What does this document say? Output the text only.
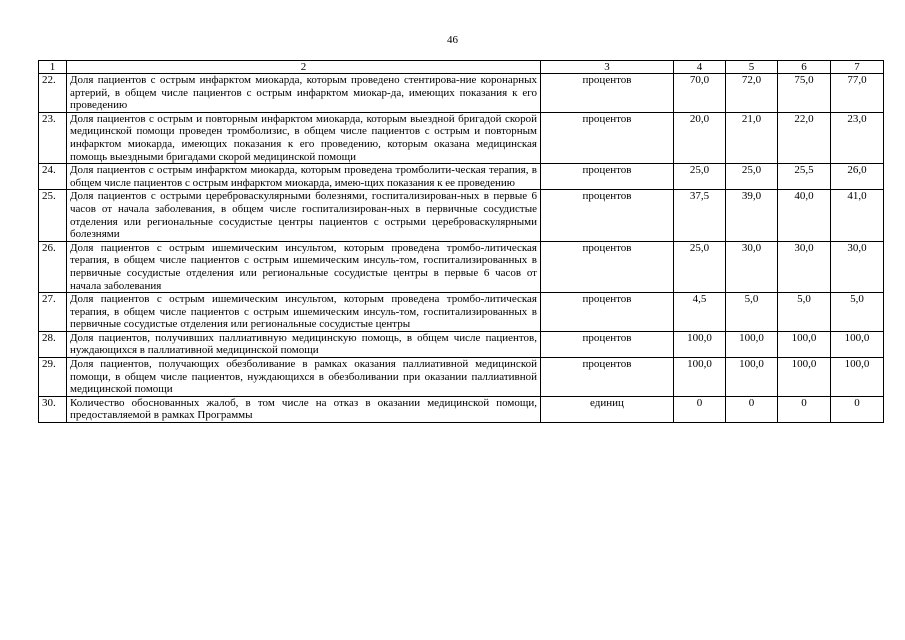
46
1	2	3	4	5	6	7
22.	Доля пациентов с острым инфарктом миокарда, которым проведено стентирова-ние коронарных артерий, в общем числе пациентов с острым инфарктом миокар-да, имеющих показания к его проведению	процентов	70,0	72,0	75,0	77,0
23.	Доля пациентов с острым и повторным инфарктом миокарда, которым выездной бригадой скорой медицинской помощи проведен тромболизис, в общем числе пациентов с острым и повторным инфарктом миокарда, имеющих показания к его проведению, которым оказана медицинская помощь выездными бригадами скорой медицинской помощи	процентов	20,0	21,0	22,0	23,0
24.	Доля пациентов с острым инфарктом миокарда, которым проведена тромболити-ческая терапия, в общем числе пациентов с острым инфарктом миокарда, имею-щих показания к ее проведению	процентов	25,0	25,0	25,5	26,0
25.	Доля пациентов с острыми цереброваскулярными болезнями, госпитализирован-ных в первые 6 часов от начала заболевания, в общем числе госпитализирован-ных в первичные сосудистые отделения или региональные сосудистые центры пациентов с острыми цереброваскулярными болезнями	процентов	37,5	39,0	40,0	41,0
26.	Доля пациентов с острым ишемическим инсультом, которым проведена тромбо-литическая терапия, в общем числе пациентов с острым ишемическим инсуль-том, госпитализированных в первичные сосудистые отделения или региональные сосудистые центры в первые 6 часов от начала заболевания	процентов	25,0	30,0	30,0	30,0
27.	Доля пациентов с острым ишемическим инсультом, которым проведена тромбо-литическая терапия, в общем числе пациентов с острым ишемическим инсуль-том, госпитализированных в первичные сосудистые отделения или региональные сосудистые центры	процентов	4,5	5,0	5,0	5,0
28.	Доля пациентов, получивших паллиативную медицинскую помощь, в общем числе пациентов, нуждающихся в паллиативной медицинской помощи	процентов	100,0	100,0	100,0	100,0
29.	Доля пациентов, получающих обезболивание в рамках оказания паллиативной медицинской помощи, в общем числе пациентов, нуждающихся в обезболивании при оказании паллиативной медицинской помощи	процентов	100,0	100,0	100,0	100,0
30.	Количество обоснованных жалоб, в том числе на отказ в оказании медицинской помощи, предоставляемой в рамках Программы	единиц	0	0	0	0
